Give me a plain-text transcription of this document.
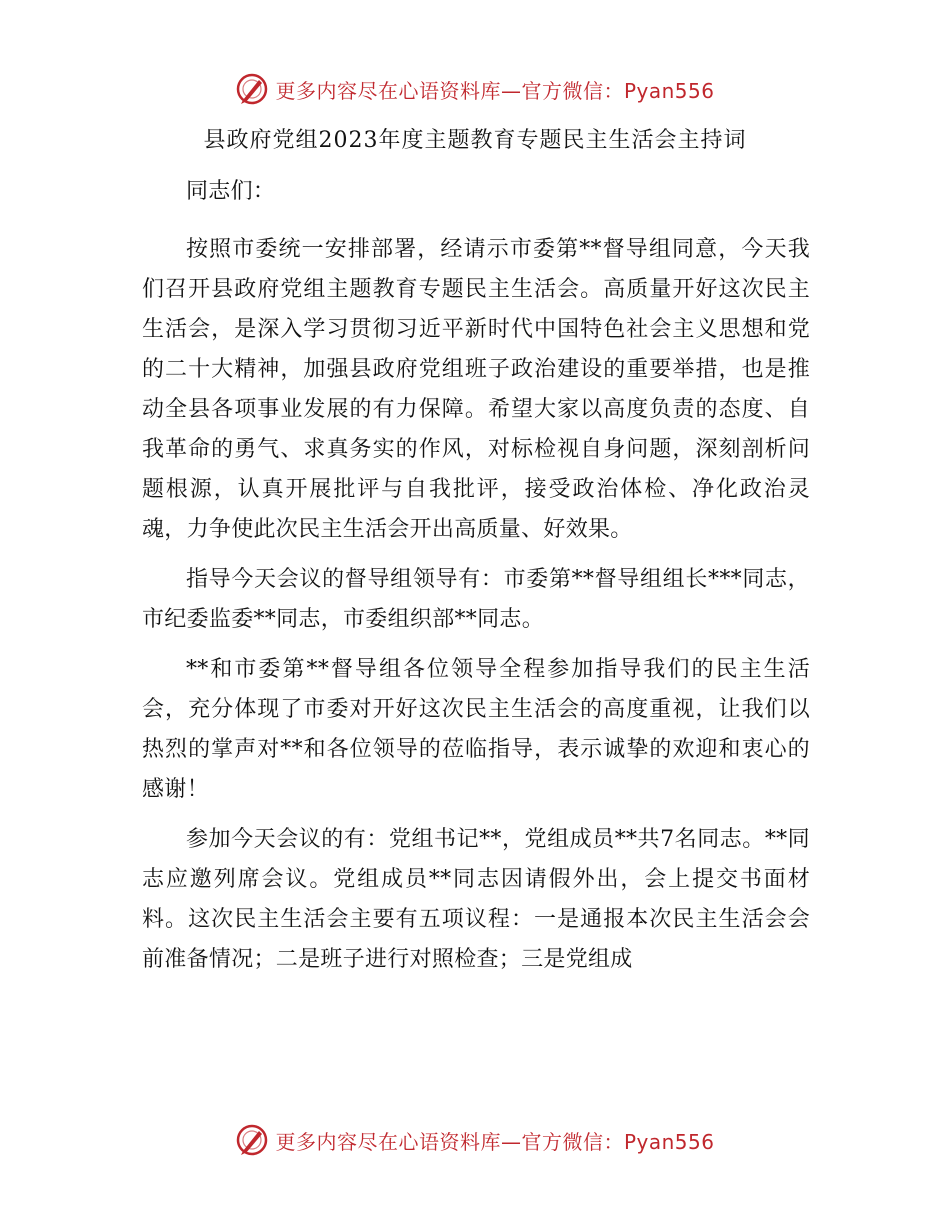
更多内容尽在心语资料库—官方微信：Pyan556
县政府党组2023年度主题教育专题民主生活会主持词

同志们：

按照市委统一安排部署，经请示市委第**督导组同意，今天我们召开县政府党组主题教育专题民主生活会。高质量开好这次民主生活会，是深入学习贯彻习近平新时代中国特色社会主义思想和党的二十大精神，加强县政府党组班子政治建设的重要举措，也是推动全县各项事业发展的有力保障。希望大家以高度负责的态度、自我革命的勇气、求真务实的作风，对标检视自身问题，深刻剖析问题根源，认真开展批评与自我批评，接受政治体检、净化政治灵魂，力争使此次民主生活会开出高质量、好效果。

指导今天会议的督导组领导有：市委第**督导组组长***同志，市纪委监委**同志，市委组织部**同志。

**和市委第**督导组各位领导全程参加指导我们的民主生活会，充分体现了市委对开好这次民主生活会的高度重视，让我们以热烈的掌声对**和各位领导的莅临指导，表示诚挚的欢迎和衷心的感谢！

参加今天会议的有：党组书记**，党组成员**共7名同志。**同志应邀列席会议。党组成员**同志因请假外出，会上提交书面材料。这次民主生活会主要有五项议程：一是通报本次民主生活会会前准备情况；二是班子进行对照检查；三是党组成

更多内容尽在心语资料库—官方微信：Pyan556
